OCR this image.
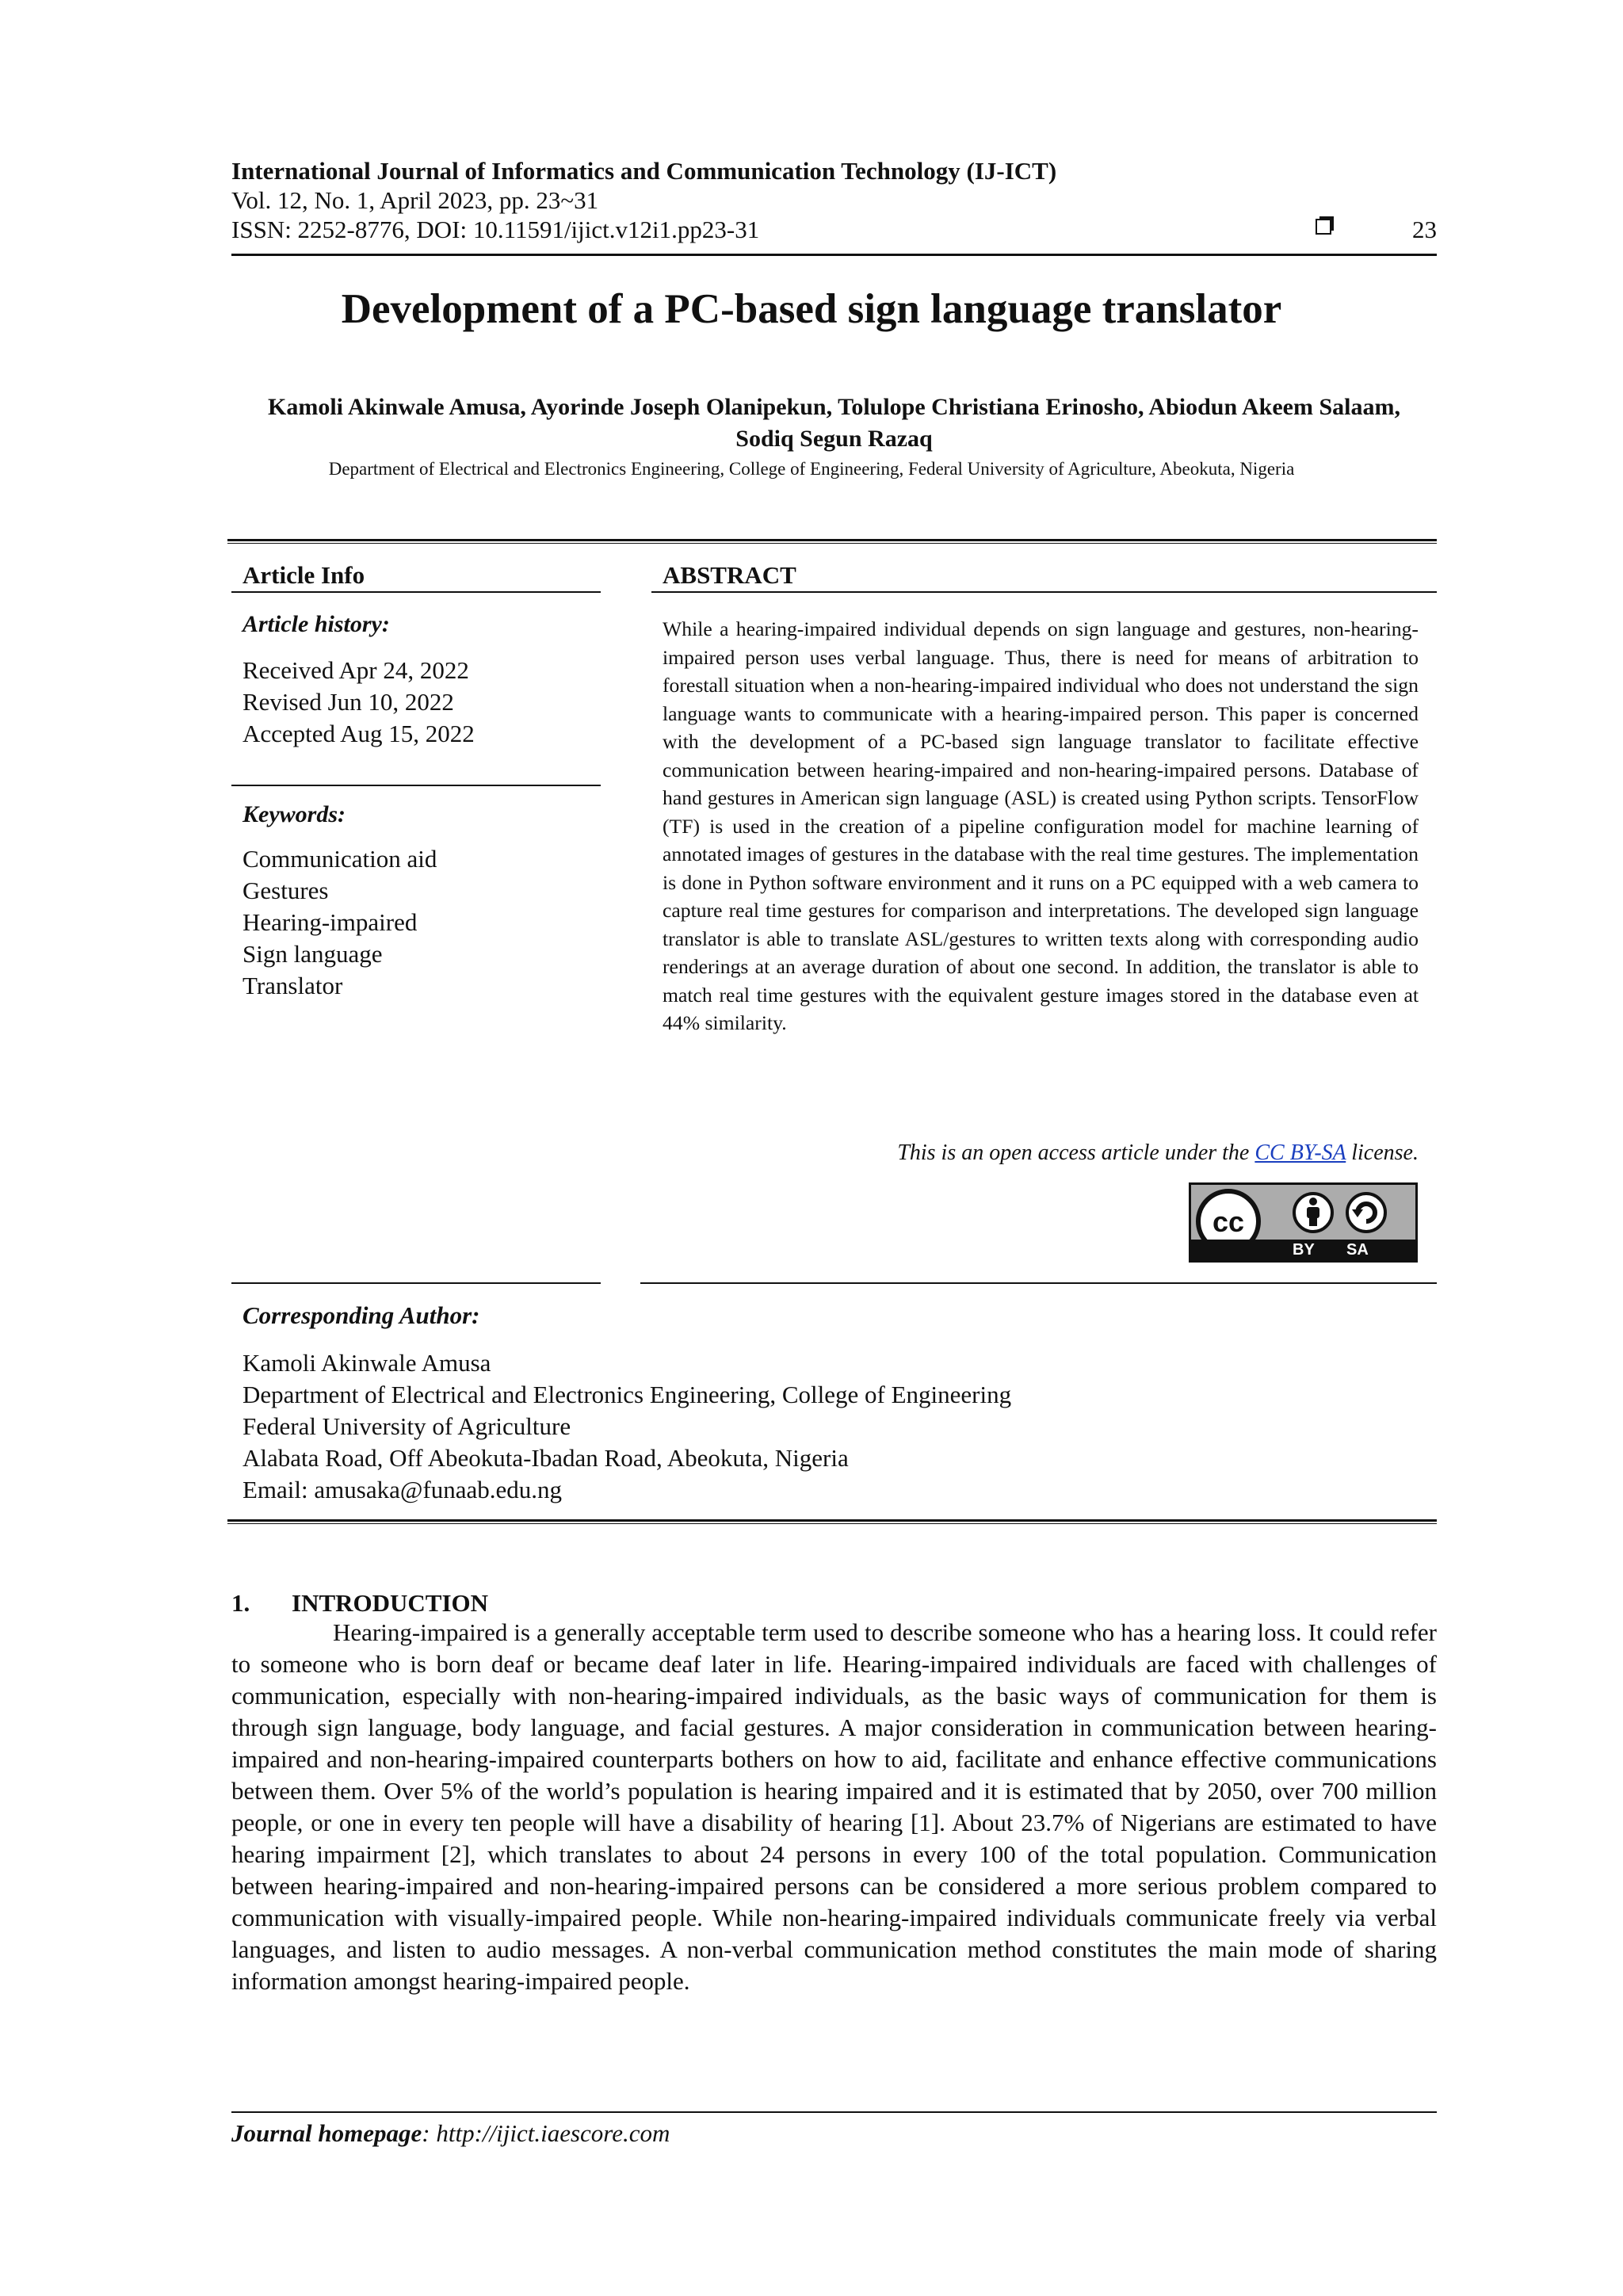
International Journal of Informatics and Communication Technology (IJ-ICT)
Vol. 12, No. 1, April 2023, pp. 23~31
ISSN: 2252-8776, DOI: 10.11591/ijict.v12i1.pp23-31	23
Development of a PC-based sign language translator
Kamoli Akinwale Amusa, Ayorinde Joseph Olanipekun, Tolulope Christiana Erinosho, Abiodun Akeem Salaam, Sodiq Segun Razaq
Department of Electrical and Electronics Engineering, College of Engineering, Federal University of Agriculture, Abeokuta, Nigeria
Article Info	ABSTRACT
Article history:
Received Apr 24, 2022
Revised Jun 10, 2022
Accepted Aug 15, 2022
Keywords:
Communication aid
Gestures
Hearing-impaired
Sign language
Translator
While a hearing-impaired individual depends on sign language and gestures, non-hearing-impaired person uses verbal language. Thus, there is need for means of arbitration to forestall situation when a non-hearing-impaired individual who does not understand the sign language wants to communicate with a hearing-impaired person. This paper is concerned with the development of a PC-based sign language translator to facilitate effective communication between hearing-impaired and non-hearing-impaired persons. Database of hand gestures in American sign language (ASL) is created using Python scripts. TensorFlow (TF) is used in the creation of a pipeline configuration model for machine learning of annotated images of gestures in the database with the real time gestures. The implementation is done in Python software environment and it runs on a PC equipped with a web camera to capture real time gestures for comparison and interpretations. The developed sign language translator is able to translate ASL/gestures to written texts along with corresponding audio renderings at an average duration of about one second. In addition, the translator is able to match real time gestures with the equivalent gesture images stored in the database even at 44% similarity.
This is an open access article under the CC BY-SA license.
cc
BY SA
Corresponding Author:
Kamoli Akinwale Amusa
Department of Electrical and Electronics Engineering, College of Engineering
Federal University of Agriculture
Alabata Road, Off Abeokuta-Ibadan Road, Abeokuta, Nigeria
Email: amusaka@funaab.edu.ng
1. INTRODUCTION
Hearing-impaired is a generally acceptable term used to describe someone who has a hearing loss. It could refer to someone who is born deaf or became deaf later in life. Hearing-impaired individuals are faced with challenges of communication, especially with non-hearing-impaired individuals, as the basic ways of communication for them is through sign language, body language, and facial gestures. A major consideration in communication between hearing-impaired and non-hearing-impaired counterparts bothers on how to aid, facilitate and enhance effective communications between them. Over 5% of the world’s population is hearing impaired and it is estimated that by 2050, over 700 million people, or one in every ten people will have a disability of hearing [1]. About 23.7% of Nigerians are estimated to have hearing impairment [2], which translates to about 24 persons in every 100 of the total population. Communication between hearing-impaired and non-hearing-impaired persons can be considered a more serious problem compared to communication with visually-impaired people. While non-hearing-impaired individuals communicate freely via verbal languages, and listen to audio messages. A non-verbal communication method constitutes the main mode of sharing information amongst hearing-impaired people.
Journal homepage: http://ijict.iaescore.com
